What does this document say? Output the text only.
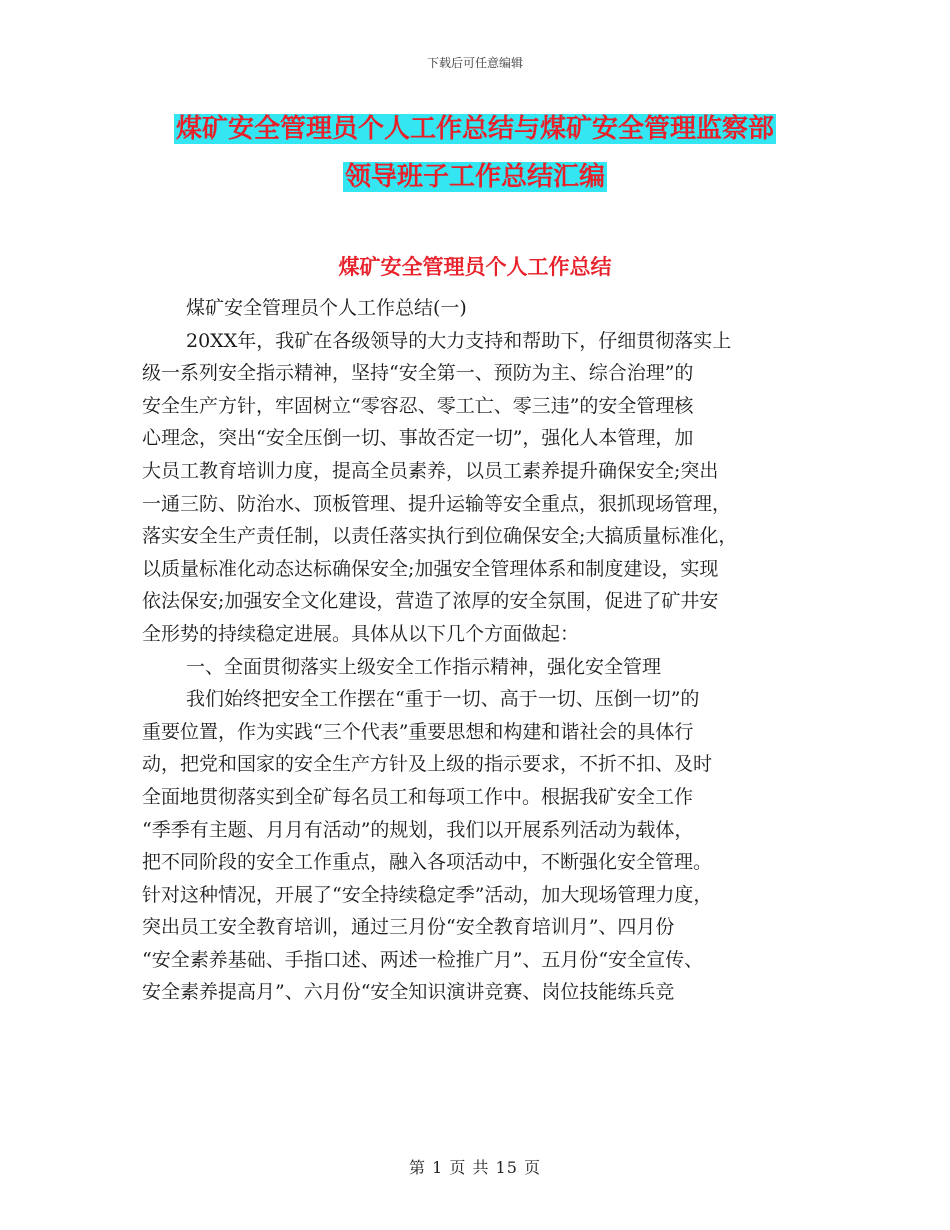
下载后可任意编辑
煤矿安全管理员个人工作总结与煤矿安全管理监察部
领导班子工作总结汇编
煤矿安全管理员个人工作总结
煤矿安全管理员个人工作总结(一)
20XX年，我矿在各级领导的大力支持和帮助下，仔细贯彻落实上
级一系列安全指示精神，坚持“安全第一、预防为主、综合治理”的
安全生产方针，牢固树立“零容忍、零工亡、零三违”的安全管理核
心理念，突出“安全压倒一切、事故否定一切”，强化人本管理，加
大员工教育培训力度，提高全员素养，以员工素养提升确保安全;突出
一通三防、防治水、顶板管理、提升运输等安全重点，狠抓现场管理，
落实安全生产责任制，以责任落实执行到位确保安全;大搞质量标准化，
以质量标准化动态达标确保安全;加强安全管理体系和制度建设，实现
依法保安;加强安全文化建设，营造了浓厚的安全氛围，促进了矿井安
全形势的持续稳定进展。具体从以下几个方面做起：
一、全面贯彻落实上级安全工作指示精神，强化安全管理
我们始终把安全工作摆在“重于一切、高于一切、压倒一切”的
重要位置，作为实践“三个代表”重要思想和构建和谐社会的具体行
动，把党和国家的安全生产方针及上级的指示要求，不折不扣、及时
全面地贯彻落实到全矿每名员工和每项工作中。根据我矿安全工作
“季季有主题、月月有活动”的规划，我们以开展系列活动为载体，
把不同阶段的安全工作重点，融入各项活动中，不断强化安全管理。
针对这种情况，开展了“安全持续稳定季”活动，加大现场管理力度，
突出员工安全教育培训，通过三月份“安全教育培训月”、四月份
“安全素养基础、手指口述、两述一检推广月”、五月份“安全宣传、
安全素养提高月”、六月份“安全知识演讲竞赛、岗位技能练兵竞
第 1 页 共 15 页
